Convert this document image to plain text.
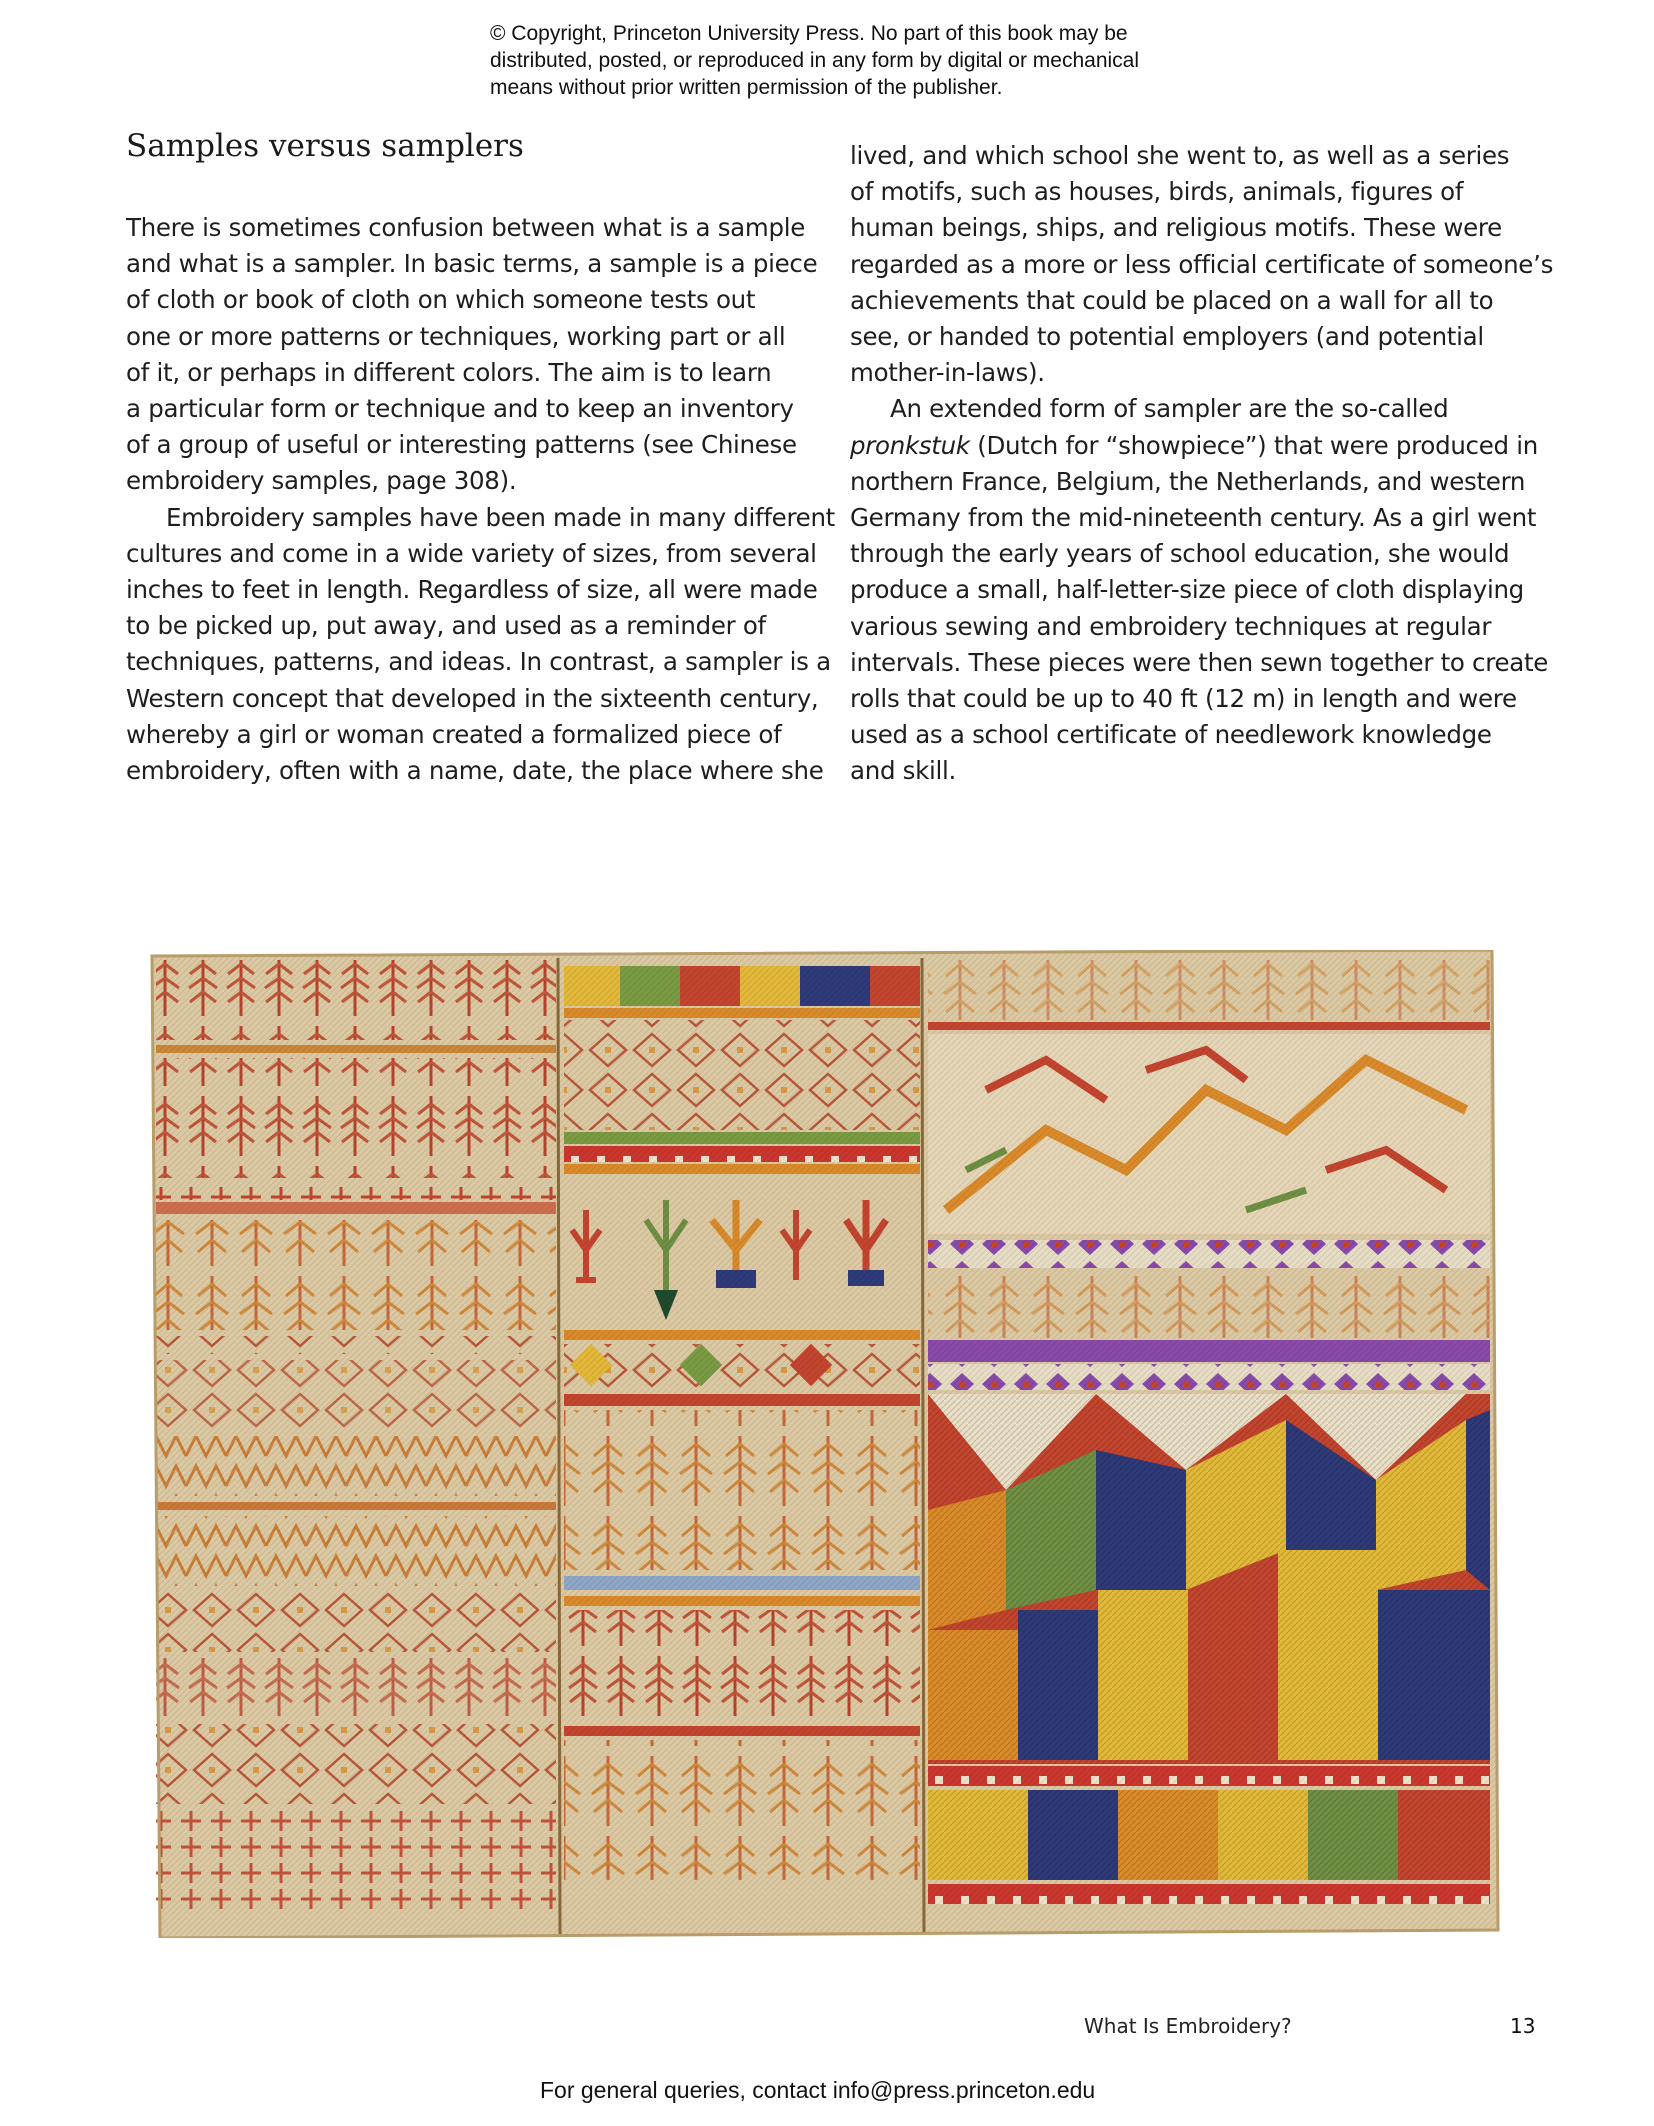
© Copyright, Princeton University Press. No part of this book may be
distributed, posted, or reproduced in any form by digital or mechanical
means without prior written permission of the publisher.
Samples versus samplers
There is sometimes confusion between what is a sample
and what is a sampler. In basic terms, a sample is a piece
of cloth or book of cloth on which someone tests out
one or more patterns or techniques, working part or all
of it, or perhaps in different colors. The aim is to learn
a particular form or technique and to keep an inventory
of a group of useful or interesting patterns (see Chinese
embroidery samples, page 308).
Embroidery samples have been made in many different
cultures and come in a wide variety of sizes, from several
inches to feet in length. Regardless of size, all were made
to be picked up, put away, and used as a reminder of
techniques, patterns, and ideas. In contrast, a sampler is a
Western concept that developed in the sixteenth century,
whereby a girl or woman created a formalized piece of
embroidery, often with a name, date, the place where she
lived, and which school she went to, as well as a series
of motifs, such as houses, birds, animals, figures of
human beings, ships, and religious motifs. These were
regarded as a more or less official certificate of someone’s
achievements that could be placed on a wall for all to
see, or handed to potential employers (and potential
mother-in-laws).
An extended form of sampler are the so-called
pronkstuk (Dutch for “showpiece”) that were produced in
northern France, Belgium, the Netherlands, and western
Germany from the mid-nineteenth century. As a girl went
through the early years of school education, she would
produce a small, half-letter-size piece of cloth displaying
various sewing and embroidery techniques at regular
intervals. These pieces were then sewn together to create
rolls that could be up to 40 ft (12 m) in length and were
used as a school certificate of needlework knowledge
and skill.
What Is Embroidery?	13
For general queries, contact info@press.princeton.edu
